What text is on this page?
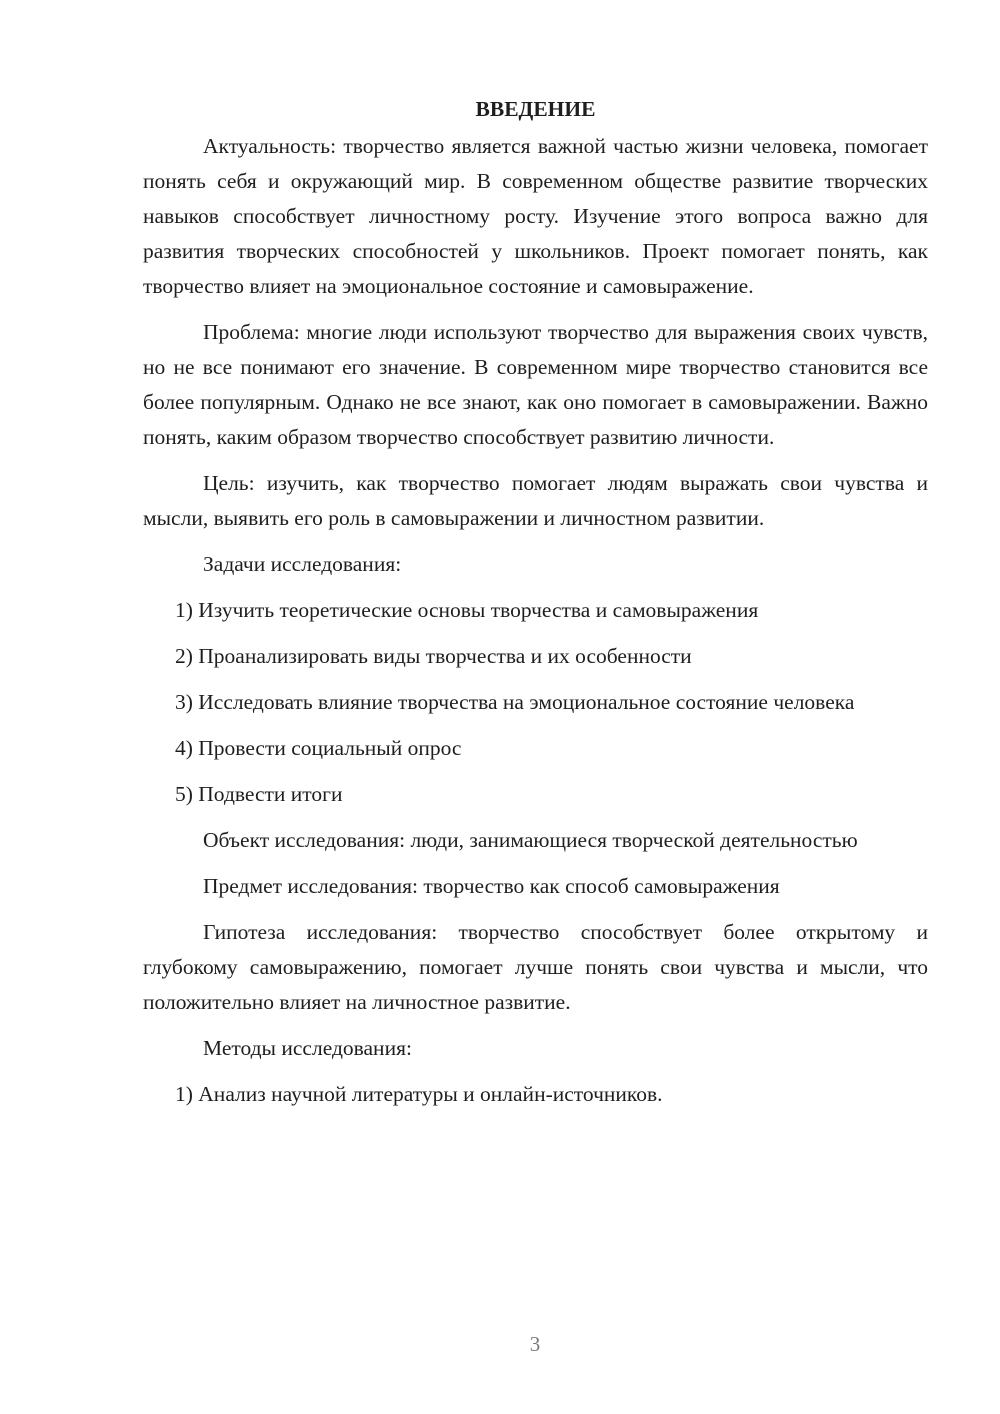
ВВЕДЕНИЕ

Актуальность: творчество является важной частью жизни человека, помогает понять себя и окружающий мир. В современном обществе развитие творческих навыков способствует личностному росту. Изучение этого вопроса важно для развития творческих способностей у школьников. Проект помогает понять, как творчество влияет на эмоциональное состояние и самовыражение.

Проблема: многие люди используют творчество для выражения своих чувств, но не все понимают его значение. В современном мире творчество становится все более популярным. Однако не все знают, как оно помогает в самовыражении. Важно понять, каким образом творчество способствует развитию личности.

Цель: изучить, как творчество помогает людям выражать свои чувства и мысли, выявить его роль в самовыражении и личностном развитии.

Задачи исследования:

1) Изучить теоретические основы творчества и самовыражения

2) Проанализировать виды творчества и их особенности

3) Исследовать влияние творчества на эмоциональное состояние человека

4) Провести социальный опрос

5) Подвести итоги

Объект исследования: люди, занимающиеся творческой деятельностью

Предмет исследования: творчество как способ самовыражения

Гипотеза исследования: творчество способствует более открытому и глубокому самовыражению, помогает лучше понять свои чувства и мысли, что положительно влияет на личностное развитие.

Методы исследования:

1) Анализ научной литературы и онлайн-источников.

3
